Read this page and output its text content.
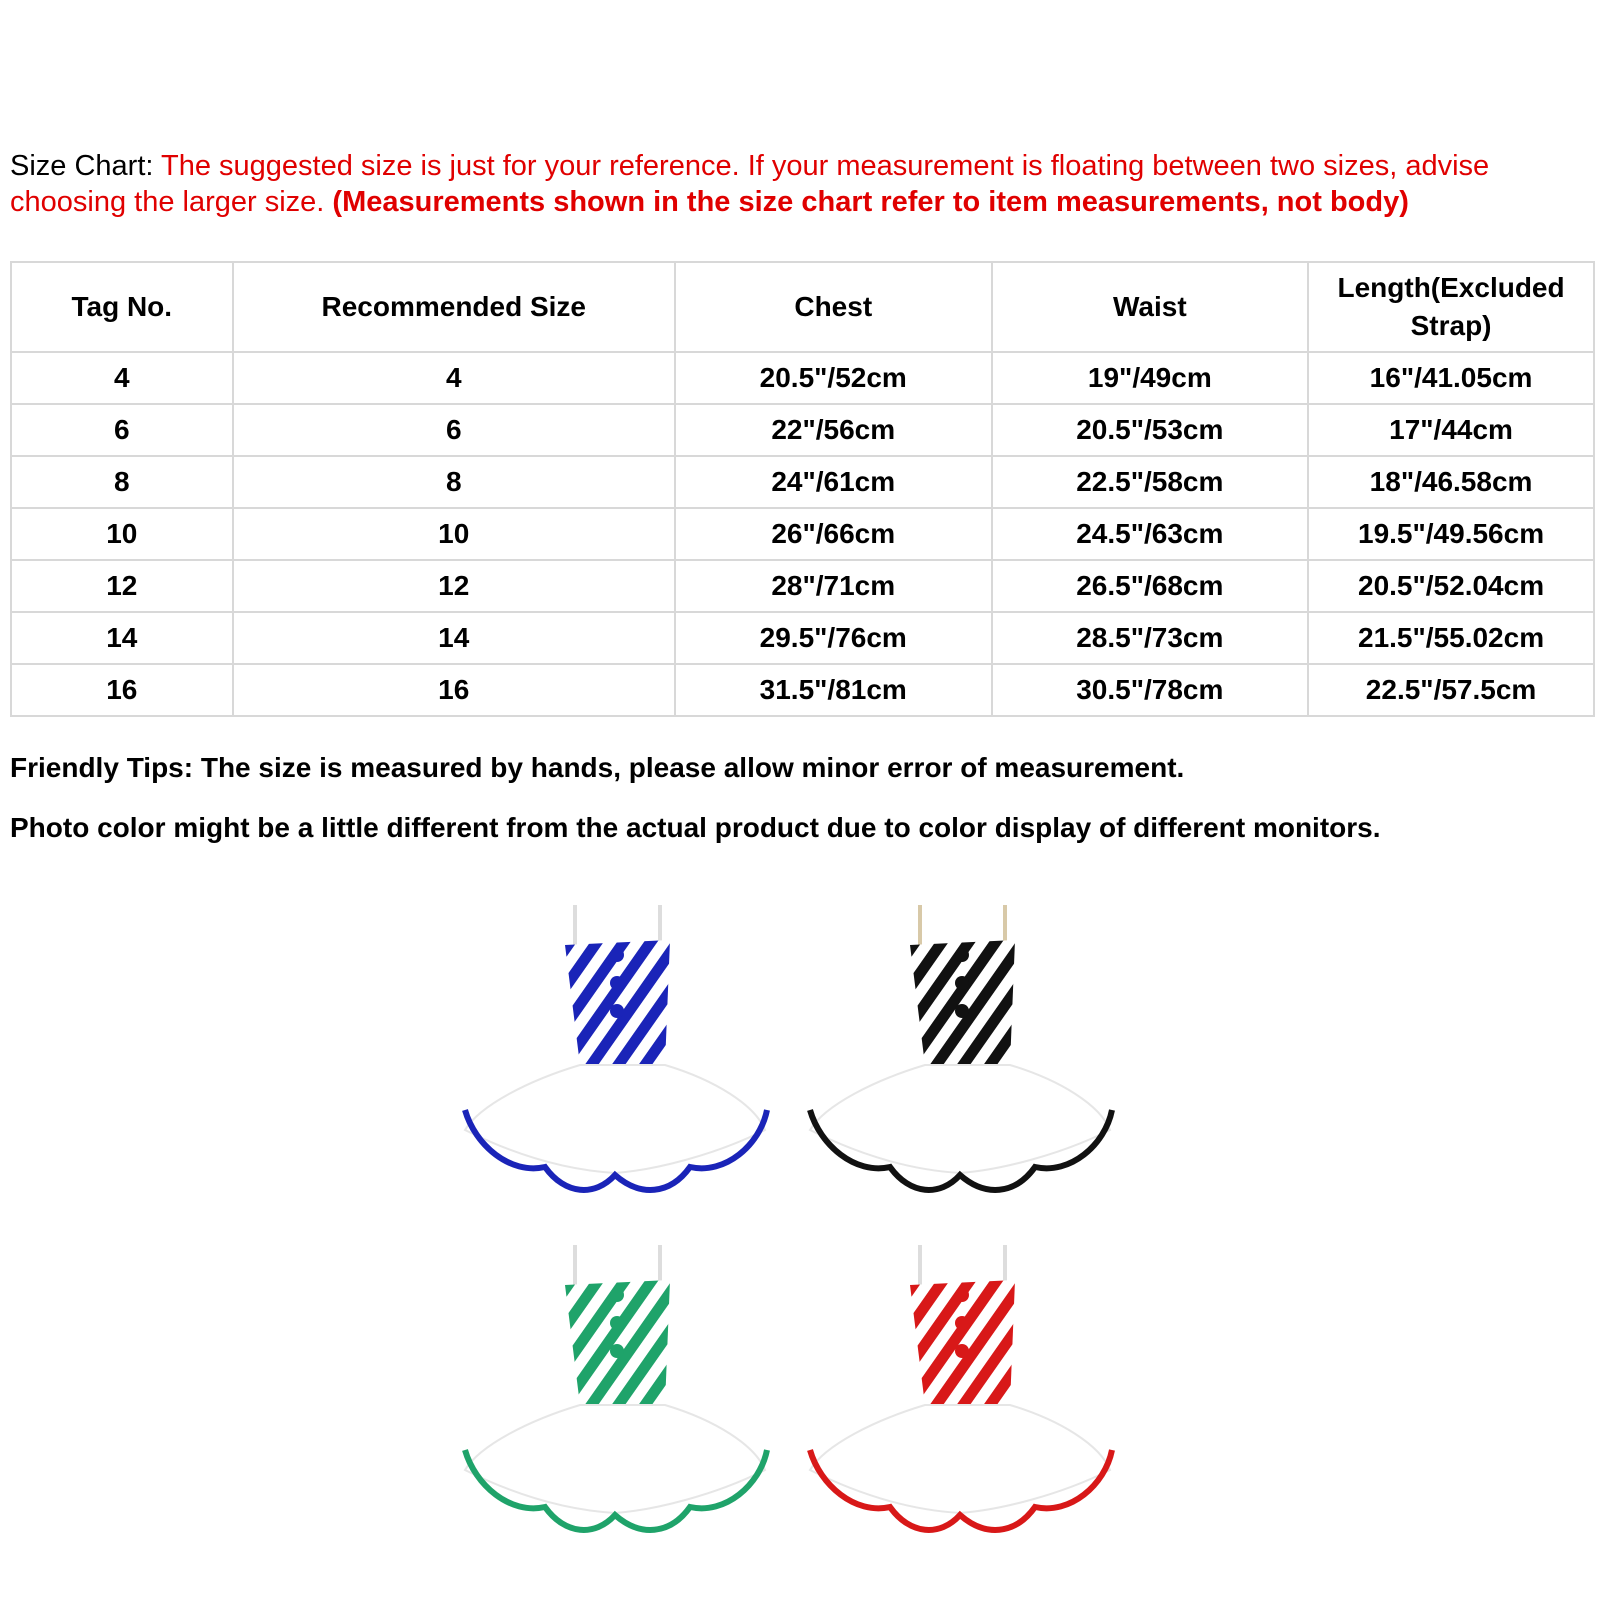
Size Chart: The suggested size is just for your reference. If your measurement is floating between two sizes, advise choosing the larger size. (Measurements shown in the size chart refer to item measurements, not body)
Tag No.	Recommended Size	Chest	Waist	Length(Excluded Strap)
4	4	20.5"/52cm	19"/49cm	16"/41.05cm
6	6	22"/56cm	20.5"/53cm	17"/44cm
8	8	24"/61cm	22.5"/58cm	18"/46.58cm
10	10	26"/66cm	24.5"/63cm	19.5"/49.56cm
12	12	28"/71cm	26.5"/68cm	20.5"/52.04cm
14	14	29.5"/76cm	28.5"/73cm	21.5"/55.02cm
16	16	31.5"/81cm	30.5"/78cm	22.5"/57.5cm
Friendly Tips: The size is measured by hands, please allow minor error of measurement.
Photo color might be a little different from the actual product due to color display of different monitors.
